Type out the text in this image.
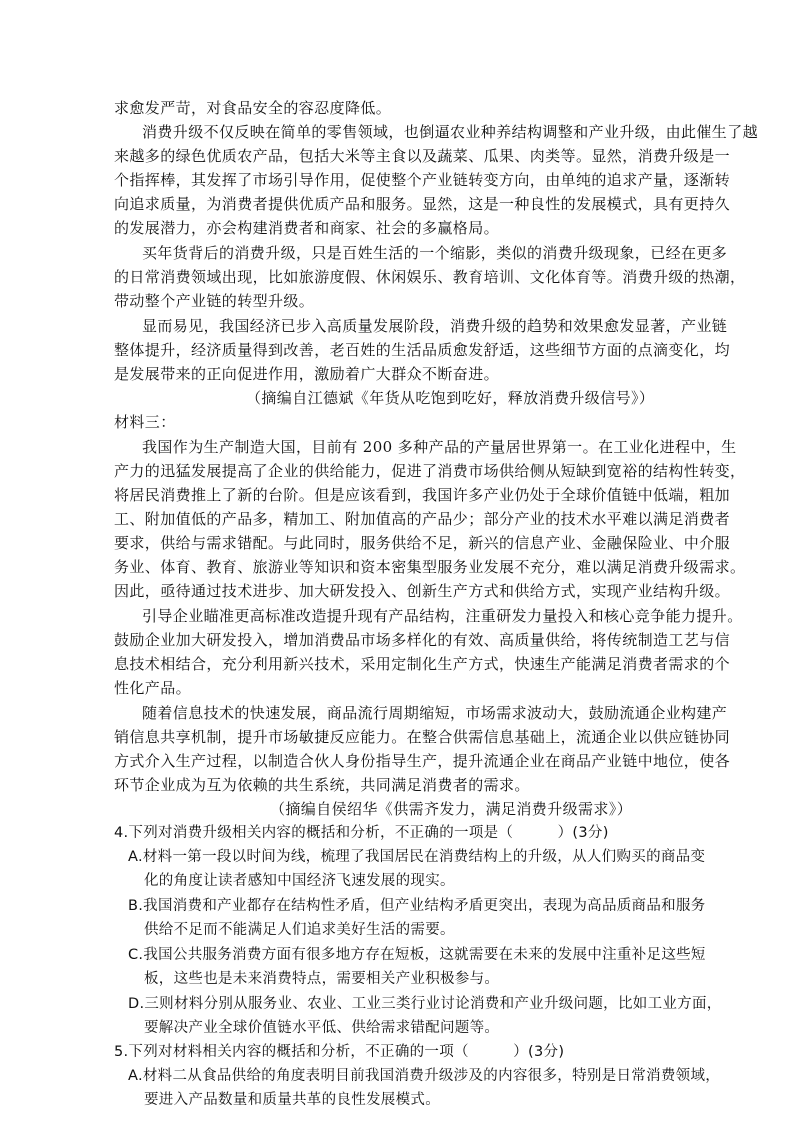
求愈发严苛，对食品安全的容忍度降低。
消费升级不仅反映在简单的零售领域，也倒逼农业种养结构调整和产业升级，由此催生了越
来越多的绿色优质农产品，包括大米等主食以及蔬菜、瓜果、肉类等。显然，消费升级是一
个指挥棒，其发挥了市场引导作用，促使整个产业链转变方向，由单纯的追求产量，逐渐转
向追求质量，为消费者提供优质产品和服务。显然，这是一种良性的发展模式，具有更持久
的发展潜力，亦会构建消费者和商家、社会的多赢格局。
买年货背后的消费升级，只是百姓生活的一个缩影，类似的消费升级现象，已经在更多
的日常消费领域出现，比如旅游度假、休闲娱乐、教育培训、文化体育等。消费升级的热潮，
带动整个产业链的转型升级。
显而易见，我国经济已步入高质量发展阶段，消费升级的趋势和效果愈发显著，产业链
整体提升，经济质量得到改善，老百姓的生活品质愈发舒适，这些细节方面的点滴变化，均
是发展带来的正向促进作用，激励着广大群众不断奋进。
（摘编自江德斌《年货从吃饱到吃好，释放消费升级信号》）
材料三：
我国作为生产制造大国，目前有 200 多种产品的产量居世界第一。在工业化进程中，生
产力的迅猛发展提高了企业的供给能力，促进了消费市场供给侧从短缺到宽裕的结构性转变，
将居民消费推上了新的台阶。但是应该看到，我国许多产业仍处于全球价值链中低端，粗加
工、附加值低的产品多，精加工、附加值高的产品少；部分产业的技术水平难以满足消费者
要求，供给与需求错配。与此同时，服务供给不足，新兴的信息产业、金融保险业、中介服
务业、体育、教育、旅游业等知识和资本密集型服务业发展不充分，难以满足消费升级需求。
因此，亟待通过技术进步、加大研发投入、创新生产方式和供给方式，实现产业结构升级。
引导企业瞄准更高标准改造提升现有产品结构，注重研发力量投入和核心竞争能力提升。
鼓励企业加大研发投入，增加消费品市场多样化的有效、高质量供给，将传统制造工艺与信
息技术相结合，充分利用新兴技术，采用定制化生产方式，快速生产能满足消费者需求的个
性化产品。
随着信息技术的快速发展，商品流行周期缩短，市场需求波动大，鼓励流通企业构建产
销信息共享机制，提升市场敏捷反应能力。在整合供需信息基础上，流通企业以供应链协同
方式介入生产过程，以制造合伙人身份指导生产，提升流通企业在商品产业链中地位，使各
环节企业成为互为依赖的共生系统，共同满足消费者的需求。
（摘编自侯绍华《供需齐发力，满足消费升级需求》）
4.下列对消费升级相关内容的概括和分析，不正确的一项是（　　　）(3分)
A.材料一第一段以时间为线，梳理了我国居民在消费结构上的升级，从人们购买的商品变
化的角度让读者感知中国经济飞速发展的现实。
B.我国消费和产业都存在结构性矛盾，但产业结构矛盾更突出，表现为高品质商品和服务
供给不足而不能满足人们追求美好生活的需要。
C.我国公共服务消费方面有很多地方存在短板，这就需要在未来的发展中注重补足这些短
板，这些也是未来消费特点，需要相关产业积极参与。
D.三则材料分别从服务业、农业、工业三类行业讨论消费和产业升级问题，比如工业方面，
要解决产业全球价值链水平低、供给需求错配问题等。
5.下列对材料相关内容的概括和分析，不正确的一项（　　　）(3分)
A.材料二从食品供给的角度表明目前我国消费升级涉及的内容很多，特别是日常消费领域，
要进入产品数量和质量共革的良性发展模式。
